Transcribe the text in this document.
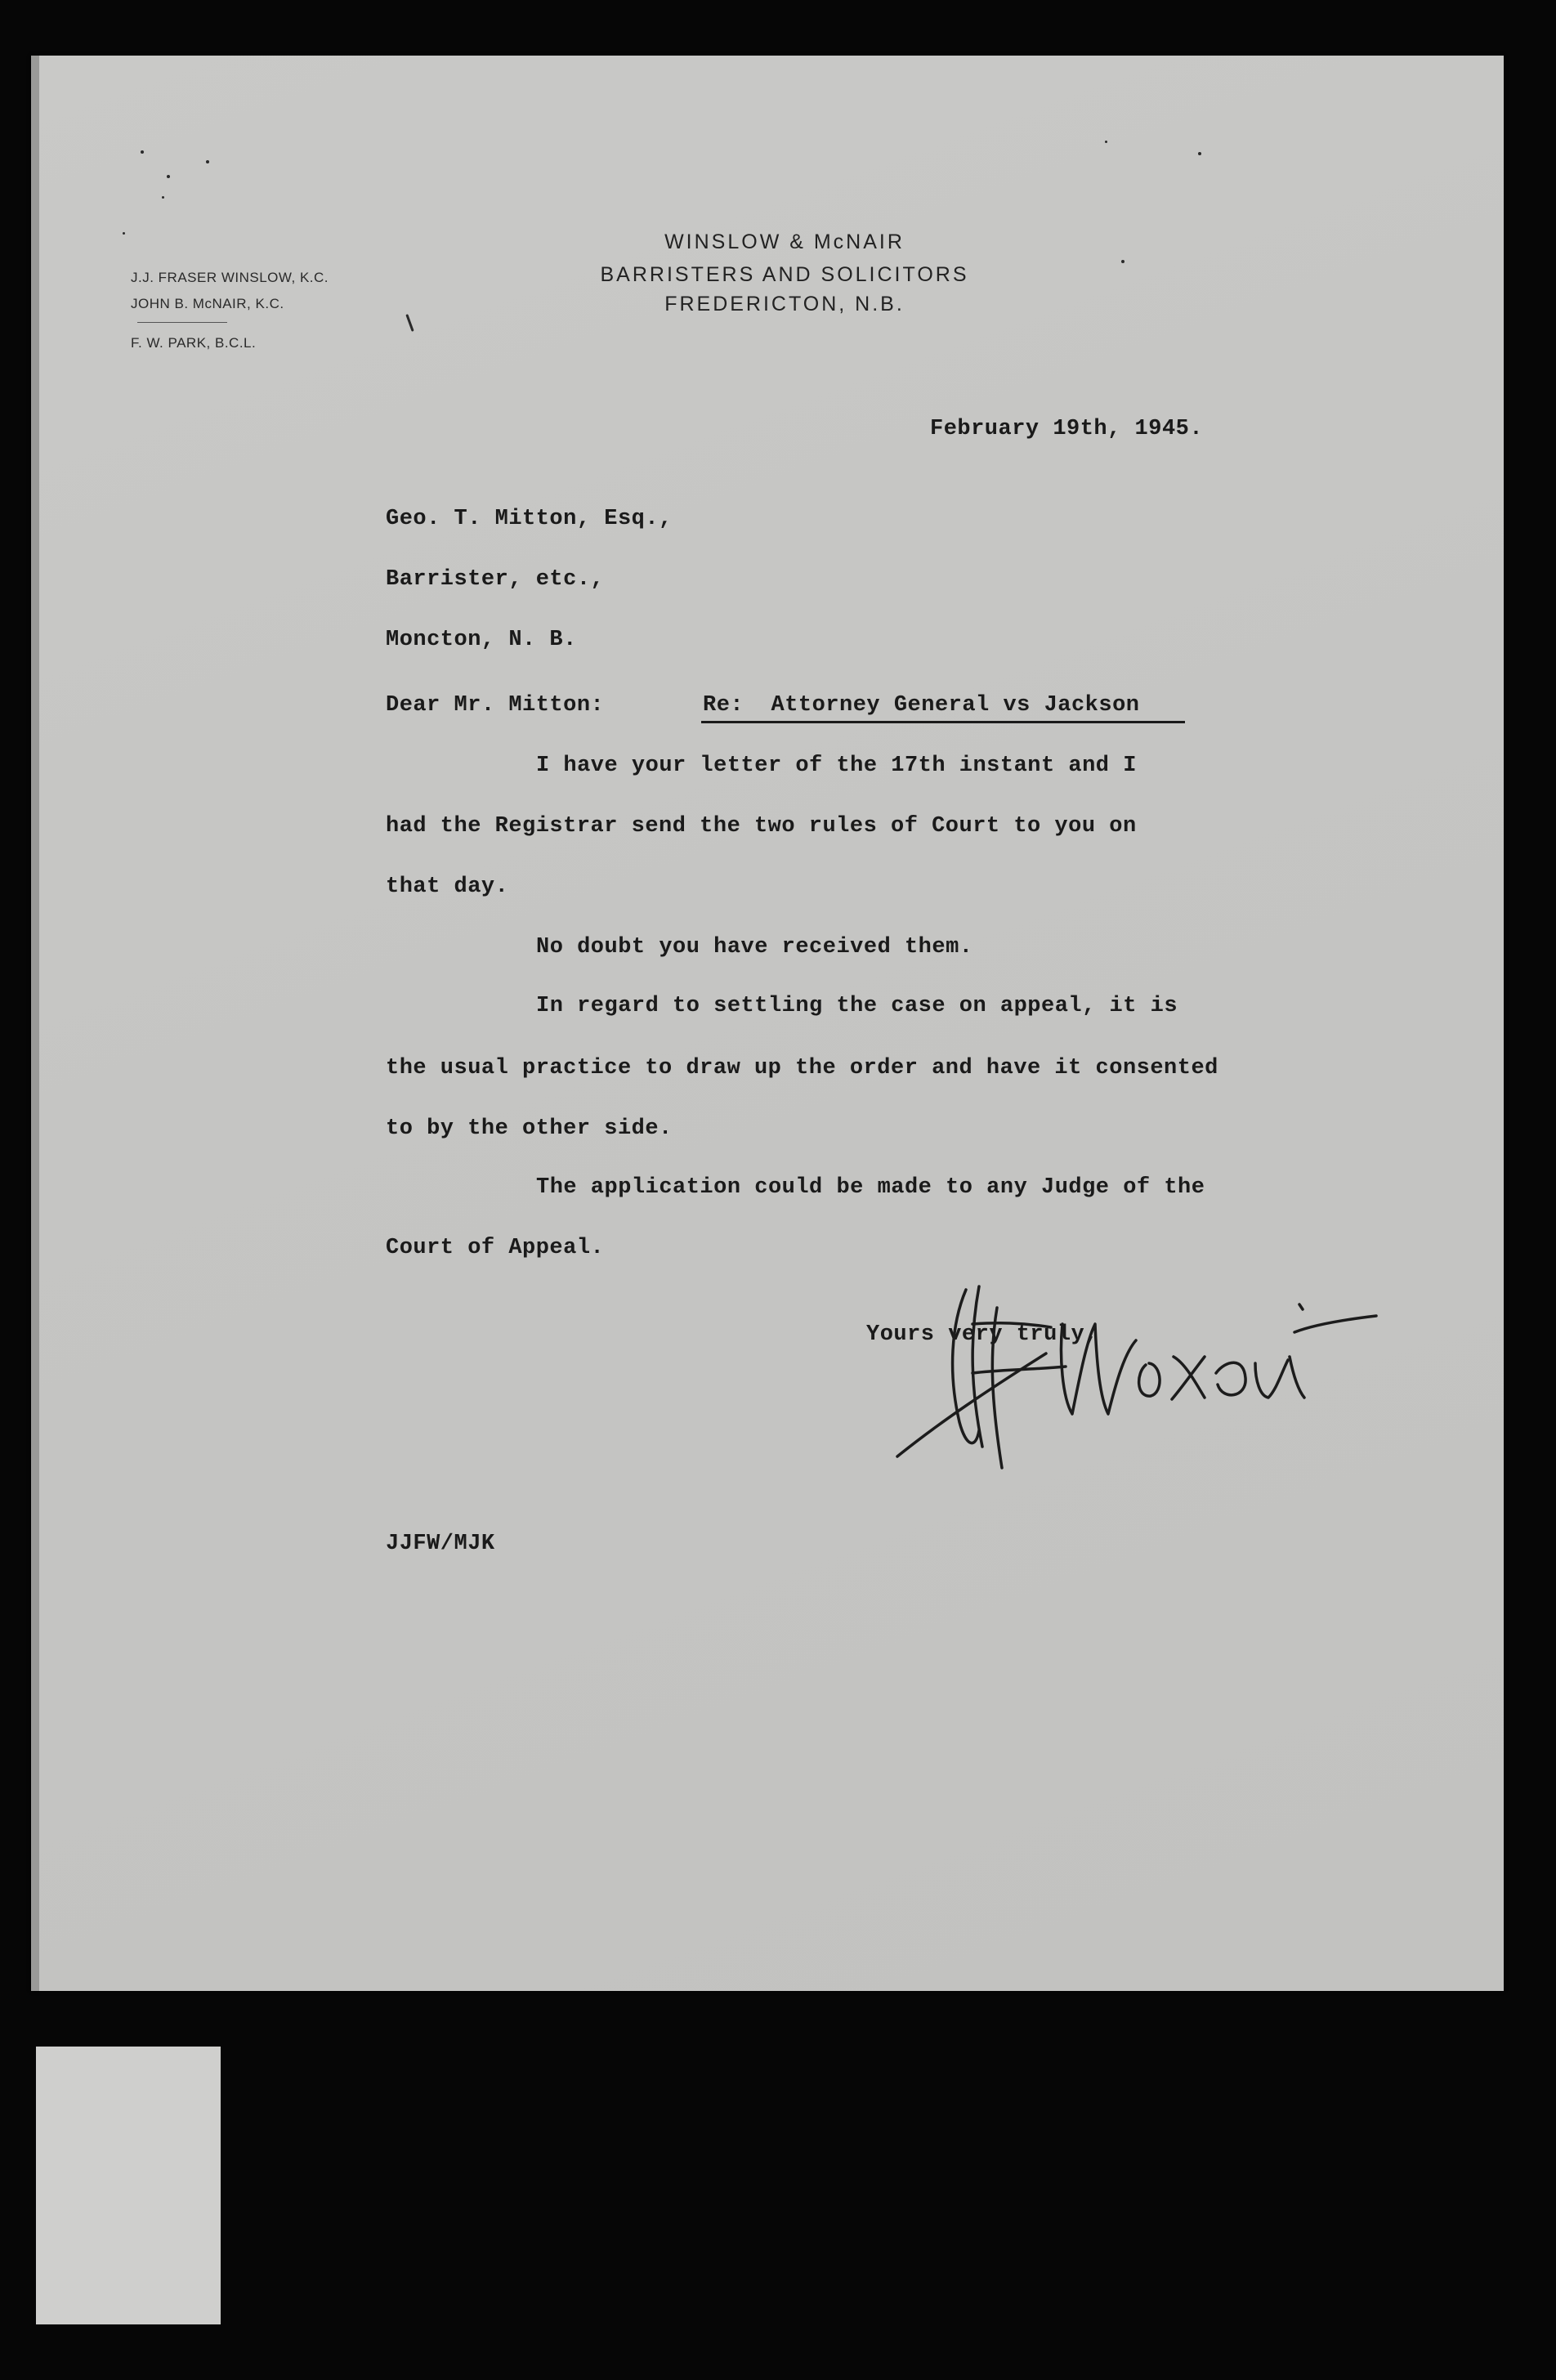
J.J. FRASER WINSLOW, K.C.
JOHN B. McNAIR, K.C.
F. W. PARK, B.C.L.
WINSLOW & McNAIR
BARRISTERS AND SOLICITORS
FREDERICTON, N.B.
February 19th, 1945.
Geo. T. Mitton, Esq.,
Barrister, etc.,
Moncton, N. B.
Dear Mr. Mitton:	Re:  Attorney General vs Jackson
I have your letter of the 17th instant and I
had the Registrar send the two rules of Court to you on
that day.
No doubt you have received them.
In regard to settling the case on appeal, it is
the usual practice to draw up the order and have it consented
to by the other side.
The application could be made to any Judge of the
Court of Appeal.
Yours very truly,
J J F Winslow
JJFW/MJK
